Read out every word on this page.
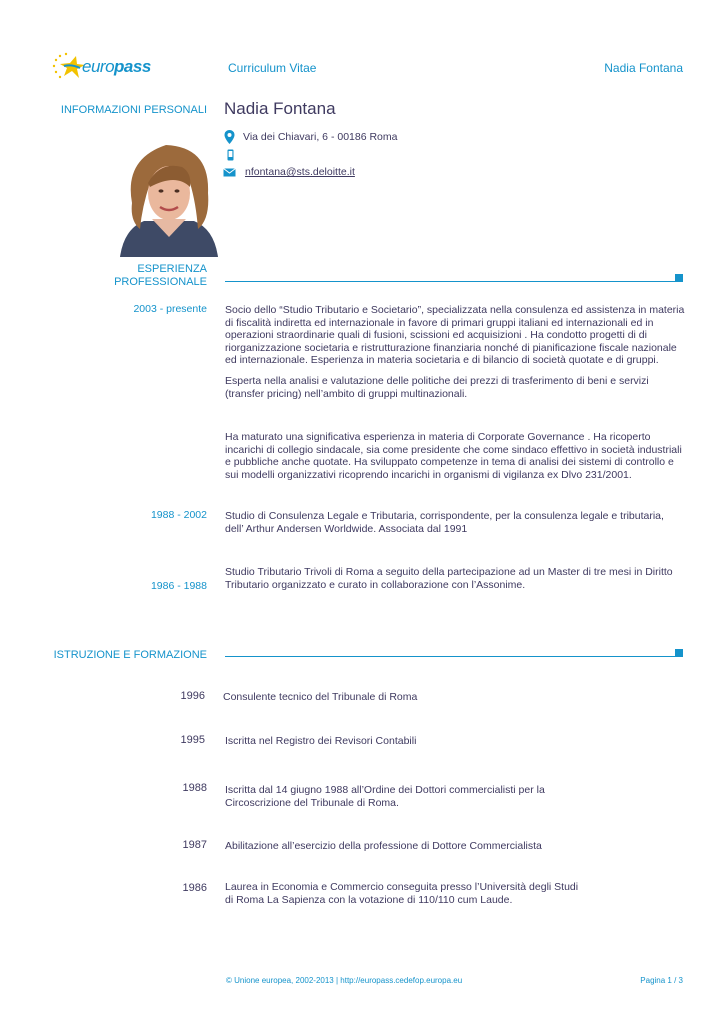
europass	Curriculum Vitae	Nadia Fontana
INFORMAZIONI PERSONALI Nadia Fontana
Via dei Chiavari, 6 - 00186 Roma
nfontana@sts.deloitte.it
ESPERIENZA
PROFESSIONALE
2003 - presente Socio dello “Studio Tributario e Societario”, specializzata nella consulenza ed assistenza in materia di fiscalità indiretta ed internazionale in favore di primari gruppi italiani ed internazionali ed in operazioni straordinarie quali di fusioni, scissioni ed acquisizioni . Ha condotto progetti di di riorganizzazione societaria e ristrutturazione finanziaria nonché di pianificazione fiscale nazionale ed internazionale. Esperienza in materia societaria e di bilancio di società quotate e di gruppi.
Esperta nella analisi e valutazione delle politiche dei prezzi di trasferimento di beni e servizi (transfer pricing) nell’ambito di gruppi multinazionali.
Ha maturato una significativa esperienza in materia di Corporate Governance . Ha ricoperto incarichi di collegio sindacale, sia come presidente che come sindaco effettivo in società industriali e pubbliche anche quotate. Ha sviluppato competenze in tema di analisi dei sistemi di controllo e sui modelli organizzativi ricoprendo incarichi in organismi di vigilanza ex Dlvo 231/2001.
1988 - 2002 Studio di Consulenza Legale e Tributaria, corrispondente, per la consulenza legale e tributaria, dell’ Arthur Andersen Worldwide. Associata dal 1991
1986 - 1988
Studio Tributario Trivoli di Roma a seguito della partecipazione ad un Master di tre mesi in Diritto Tributario organizzato e curato in collaborazione con l’Assonime.
ISTRUZIONE E FORMAZIONE
1996 Consulente tecnico del Tribunale di Roma
1995 Iscritta nel Registro dei Revisori Contabili
1988 Iscritta dal 14 giugno 1988 all’Ordine dei Dottori commercialisti per la Circoscrizione del Tribunale di Roma.
1987 Abilitazione all’esercizio della professione di Dottore Commercialista
1986 Laurea in Economia e Commercio conseguita presso l’Università degli Studi di Roma La Sapienza con la votazione di 110/110 cum Laude.
© Unione europea, 2002-2013 | http://europass.cedefop.europa.eu	Pagina 1 / 3
